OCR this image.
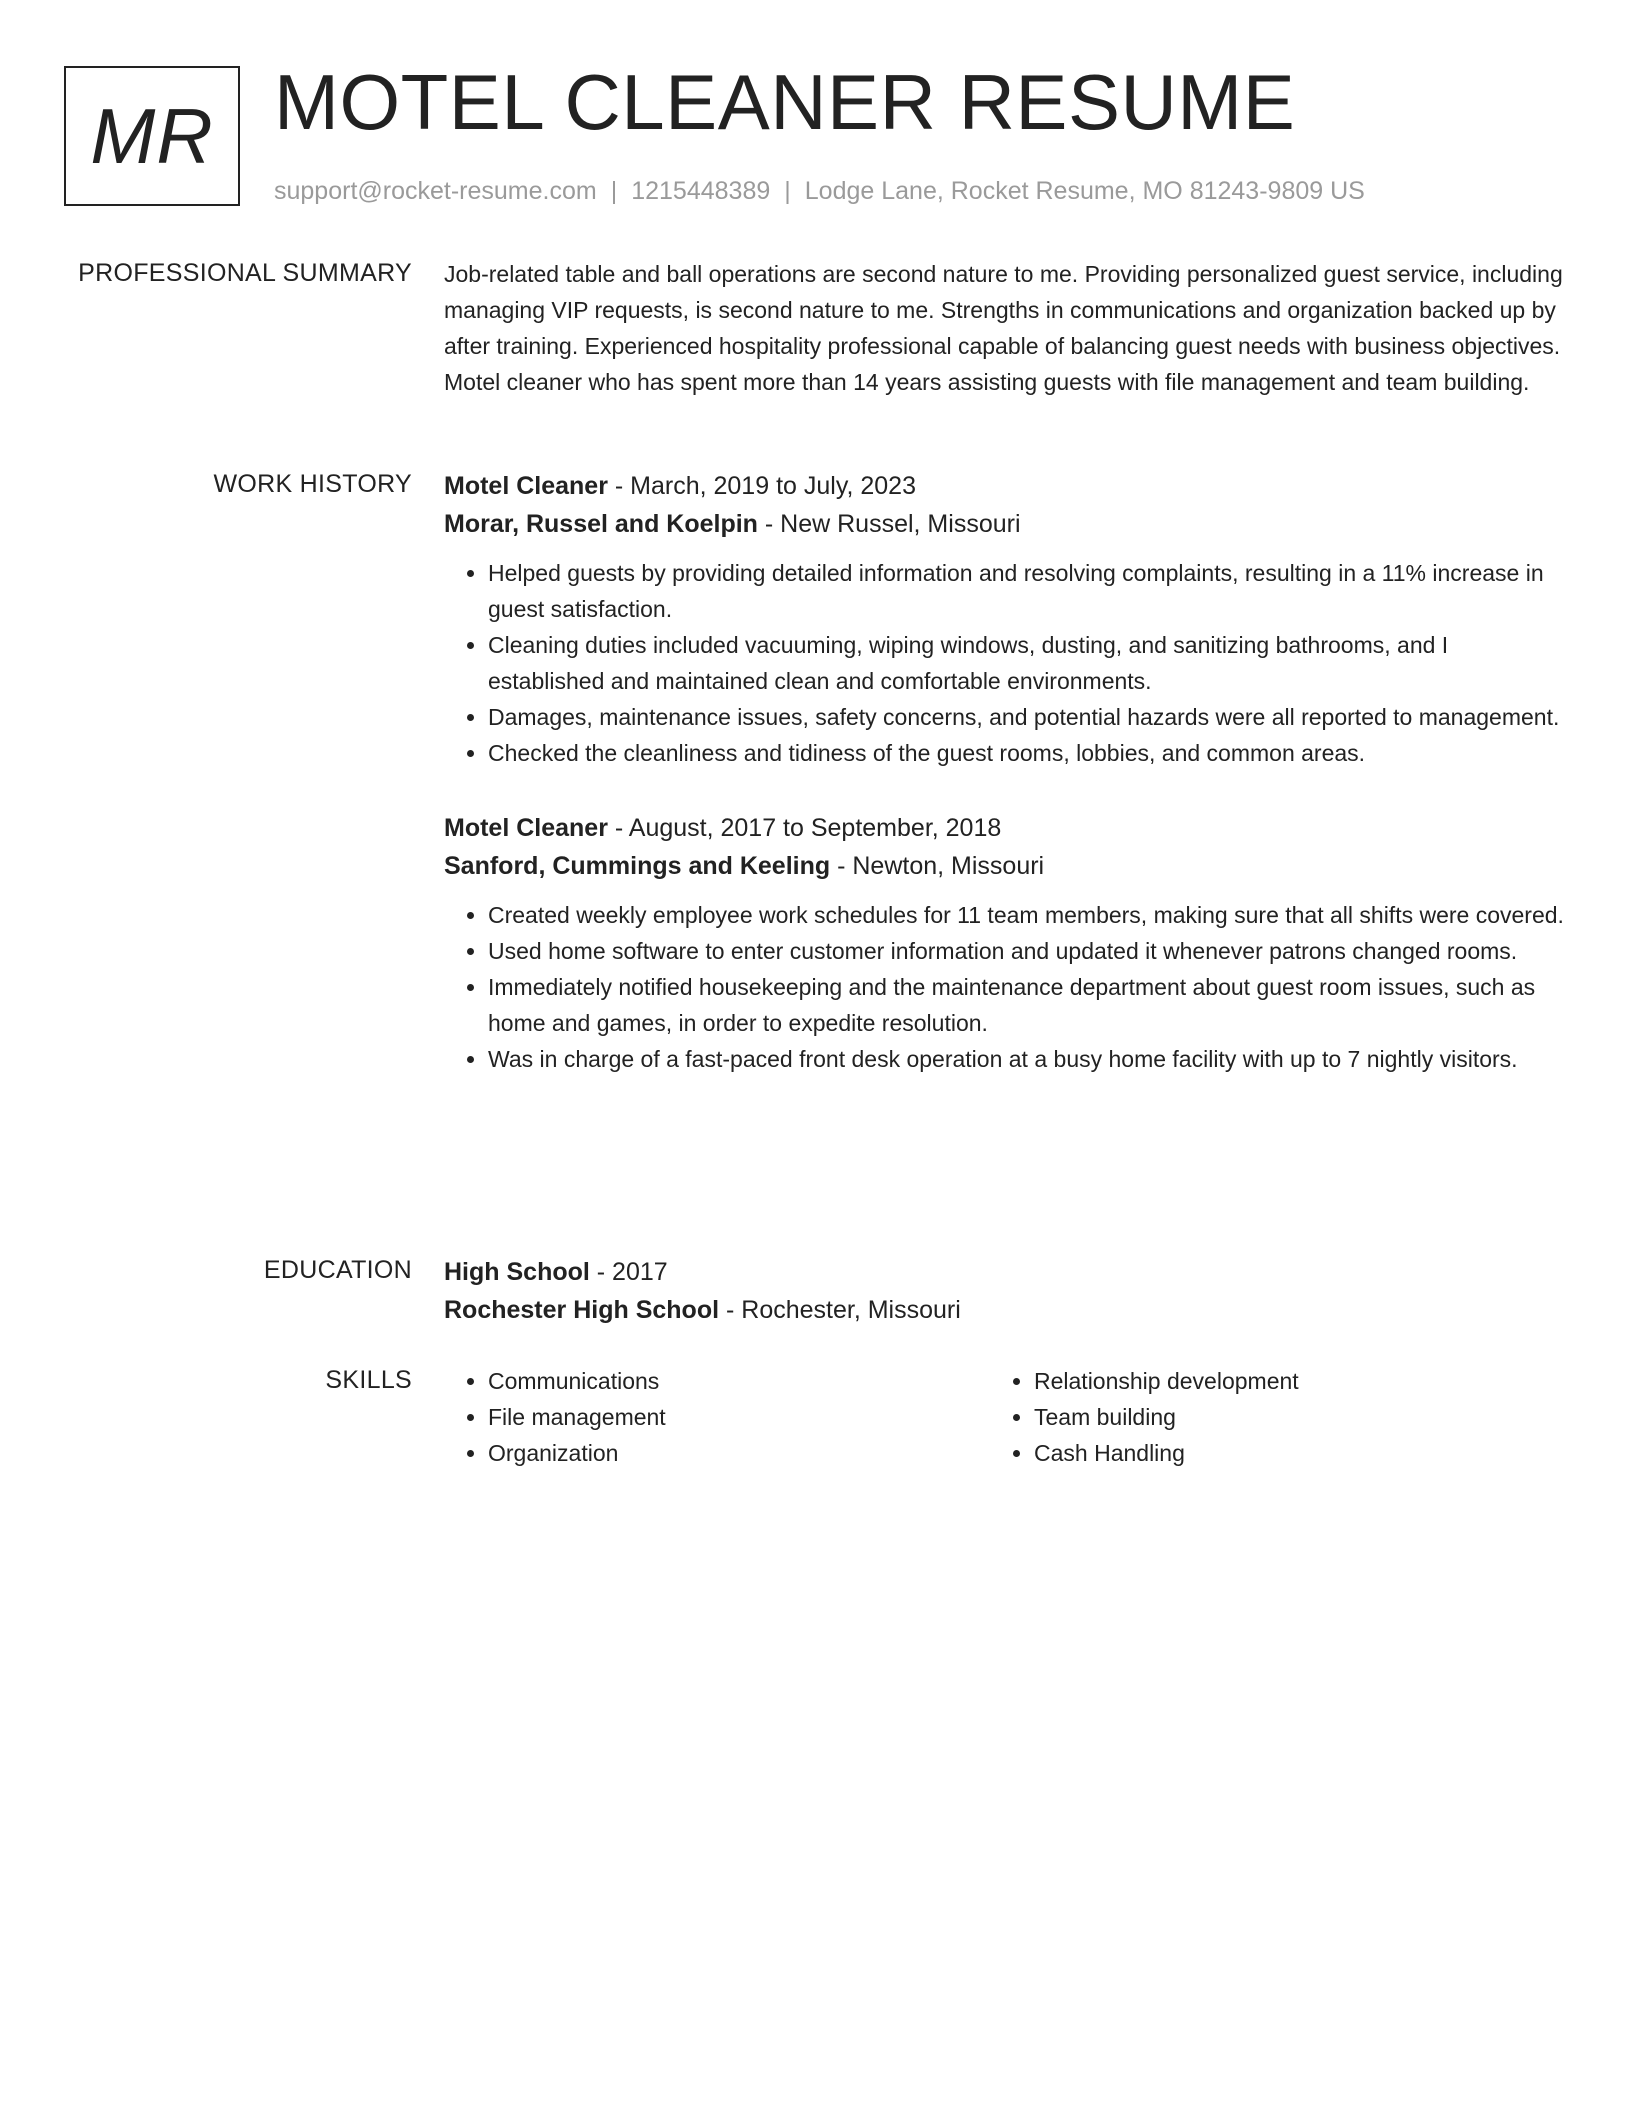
MR MOTEL CLEANER RESUME
support@rocket-resume.com | 1215448389 | Lodge Lane, Rocket Resume, MO 81243-9809 US
PROFESSIONAL SUMMARY Job-related table and ball operations are second nature to me. Providing personalized guest service, including managing VIP requests, is second nature to me. Strengths in communications and organization backed up by after training. Experienced hospitality professional capable of balancing guest needs with business objectives. Motel cleaner who has spent more than 14 years assisting guests with file management and team building.

WORK HISTORY Motel Cleaner - March, 2019 to July, 2023
Morar, Russel and Koelpin - New Russel, Missouri
• Helped guests by providing detailed information and resolving complaints, resulting in a 11% increase in guest satisfaction.
• Cleaning duties included vacuuming, wiping windows, dusting, and sanitizing bathrooms, and I established and maintained clean and comfortable environments.
• Damages, maintenance issues, safety concerns, and potential hazards were all reported to management.
• Checked the cleanliness and tidiness of the guest rooms, lobbies, and common areas.
Motel Cleaner - August, 2017 to September, 2018
Sanford, Cummings and Keeling - Newton, Missouri
• Created weekly employee work schedules for 11 team members, making sure that all shifts were covered.
• Used home software to enter customer information and updated it whenever patrons changed rooms.
• Immediately notified housekeeping and the maintenance department about guest room issues, such as home and games, in order to expedite resolution.
• Was in charge of a fast-paced front desk operation at a busy home facility with up to 7 nightly visitors.
EDUCATION High School - 2017
Rochester High School - Rochester, Missouri
SKILLS
•	Communications
• File management
• Organization
• Relationship development
• Team building
• Cash Handling
